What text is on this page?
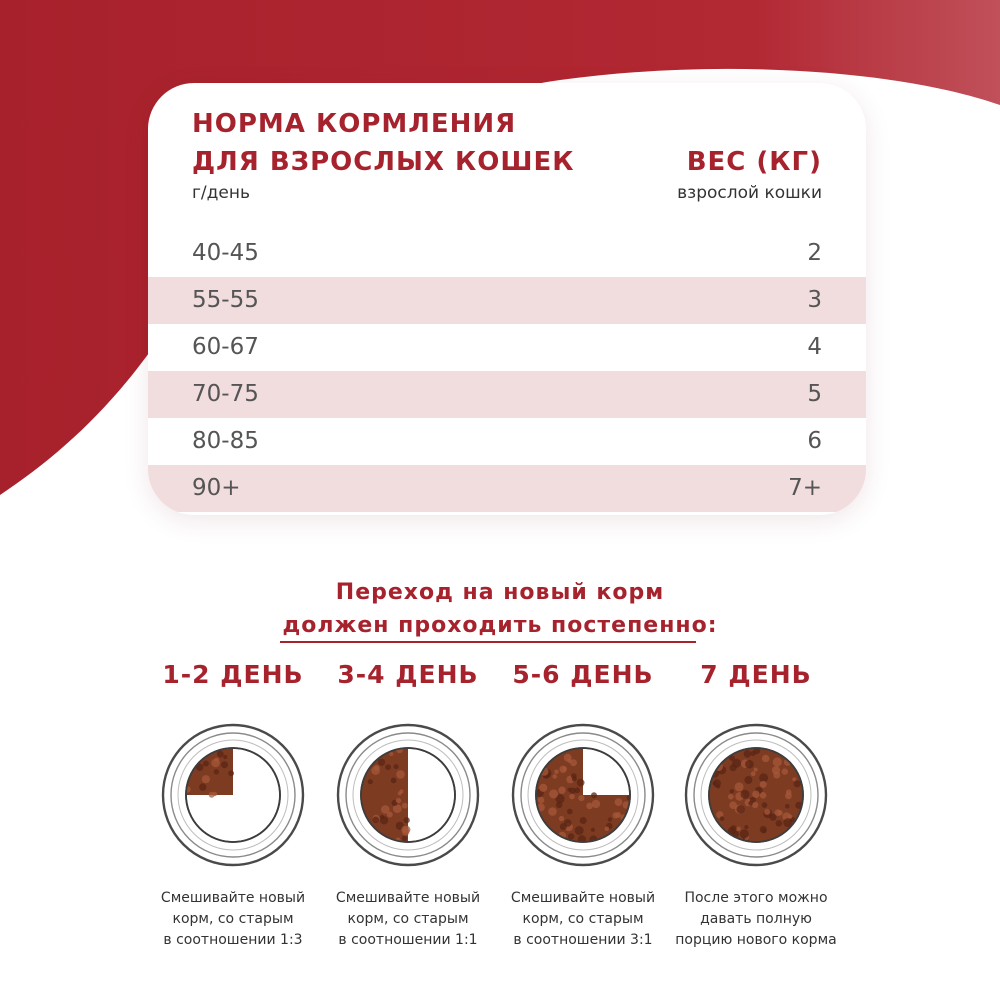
НОРМА КОРМЛЕНИЯ
ДЛЯ ВЗРОСЛЫХ КОШЕК	ВЕС (КГ)
г/день	взрослой кошки
40-45	2
55-55	3
60-67	4
70-75	5
80-85	6
90+	7+
Переход на новый корм
должен проходить постепенно:
1-2 ДЕНЬ
Смешивайте новый
корм, со старым
в соотношении 1:3
3-4 ДЕНЬ
Смешивайте новый
корм, со старым
в соотношении 1:1
5-6 ДЕНЬ
Смешивайте новый
корм, со старым
в соотношении 3:1
7 ДЕНЬ
После этого можно
давать полную
порцию нового корма
